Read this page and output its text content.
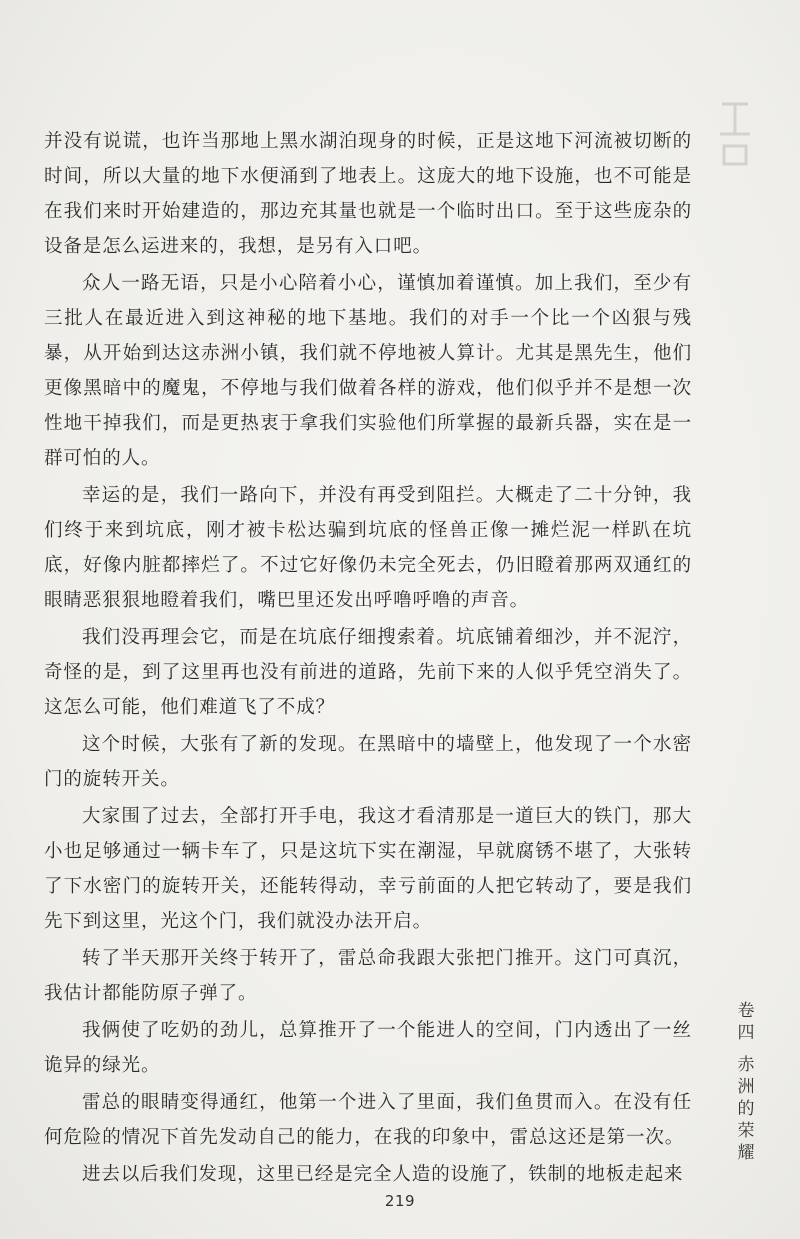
并没有说谎，也许当那地上黑水湖泊现身的时候，正是这地下河流被切断的时间，所以大量的地下水便涌到了地表上。这庞大的地下设施，也不可能是在我们来时开始建造的，那边充其量也就是一个临时出口。至于这些庞杂的设备是怎么运进来的，我想，是另有入口吧。

众人一路无语，只是小心陪着小心，谨慎加着谨慎。加上我们，至少有三批人在最近进入到这神秘的地下基地。我们的对手一个比一个凶狠与残暴，从开始到达这赤洲小镇，我们就不停地被人算计。尤其是黑先生，他们更像黑暗中的魔鬼，不停地与我们做着各样的游戏，他们似乎并不是想一次性地干掉我们，而是更热衷于拿我们实验他们所掌握的最新兵器，实在是一群可怕的人。

幸运的是，我们一路向下，并没有再受到阻拦。大概走了二十分钟，我们终于来到坑底，刚才被卡松达骗到坑底的怪兽正像一摊烂泥一样趴在坑底，好像内脏都摔烂了。不过它好像仍未完全死去，仍旧瞪着那两双通红的眼睛恶狠狠地瞪着我们，嘴巴里还发出呼噜呼噜的声音。

我们没再理会它，而是在坑底仔细搜索着。坑底铺着细沙，并不泥泞，奇怪的是，到了这里再也没有前进的道路，先前下来的人似乎凭空消失了。这怎么可能，他们难道飞了不成？

这个时候，大张有了新的发现。在黑暗中的墙壁上，他发现了一个水密门的旋转开关。

大家围了过去，全部打开手电，我这才看清那是一道巨大的铁门，那大小也足够通过一辆卡车了，只是这坑下实在潮湿，早就腐锈不堪了，大张转了下水密门的旋转开关，还能转得动，幸亏前面的人把它转动了，要是我们先下到这里，光这个门，我们就没办法开启。

转了半天那开关终于转开了，雷总命我跟大张把门推开。这门可真沉，我估计都能防原子弹了。

我俩使了吃奶的劲儿，总算推开了一个能进人的空间，门内透出了一丝诡异的绿光。

雷总的眼睛变得通红，他第一个进入了里面，我们鱼贯而入。在没有任何危险的情况下首先发动自己的能力，在我的印象中，雷总这还是第一次。

进去以后我们发现，这里已经是完全人造的设施了，铁制的地板走起来

卷
四
赤
洲
的
荣
耀
219
